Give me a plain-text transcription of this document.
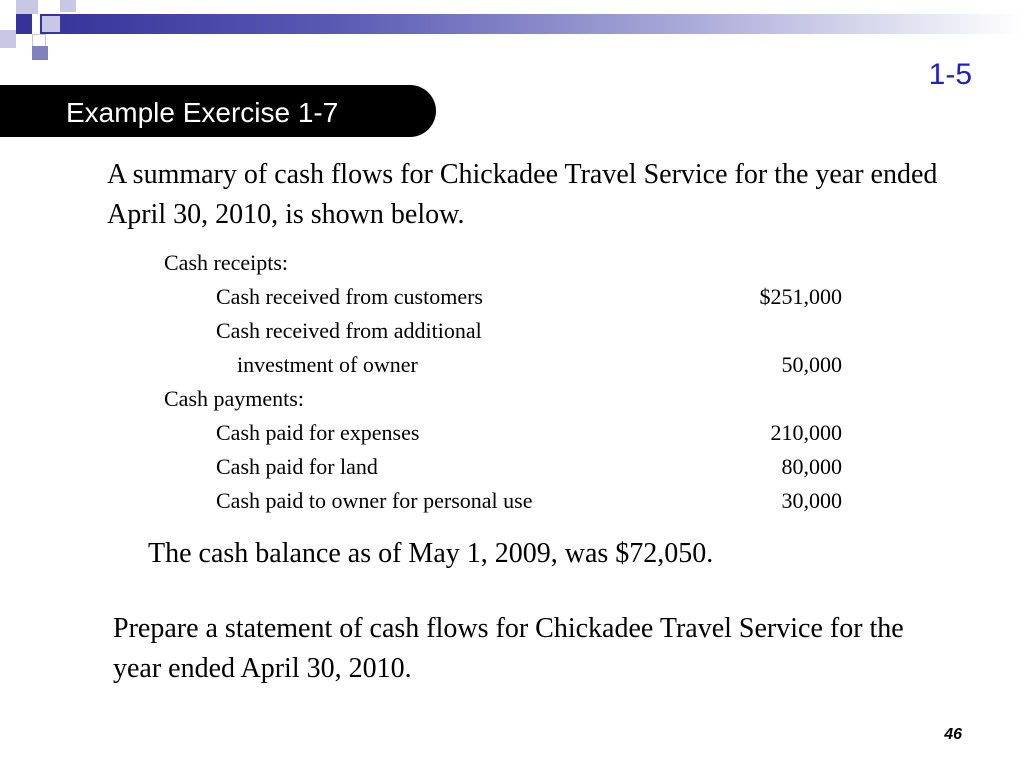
1-5
Example Exercise 1-7
A summary of cash flows for Chickadee Travel Service for the year ended April 30, 2010, is shown below.
Cash receipts:
Cash received from customers	$251,000
Cash received from additional
investment of owner	50,000
Cash payments:
Cash paid for expenses	210,000
Cash paid for land	80,000
Cash paid to owner for personal use	30,000
The cash balance as of May 1, 2009, was $72,050.
Prepare a statement of cash flows for Chickadee Travel Service for the year ended April 30, 2010.
46
